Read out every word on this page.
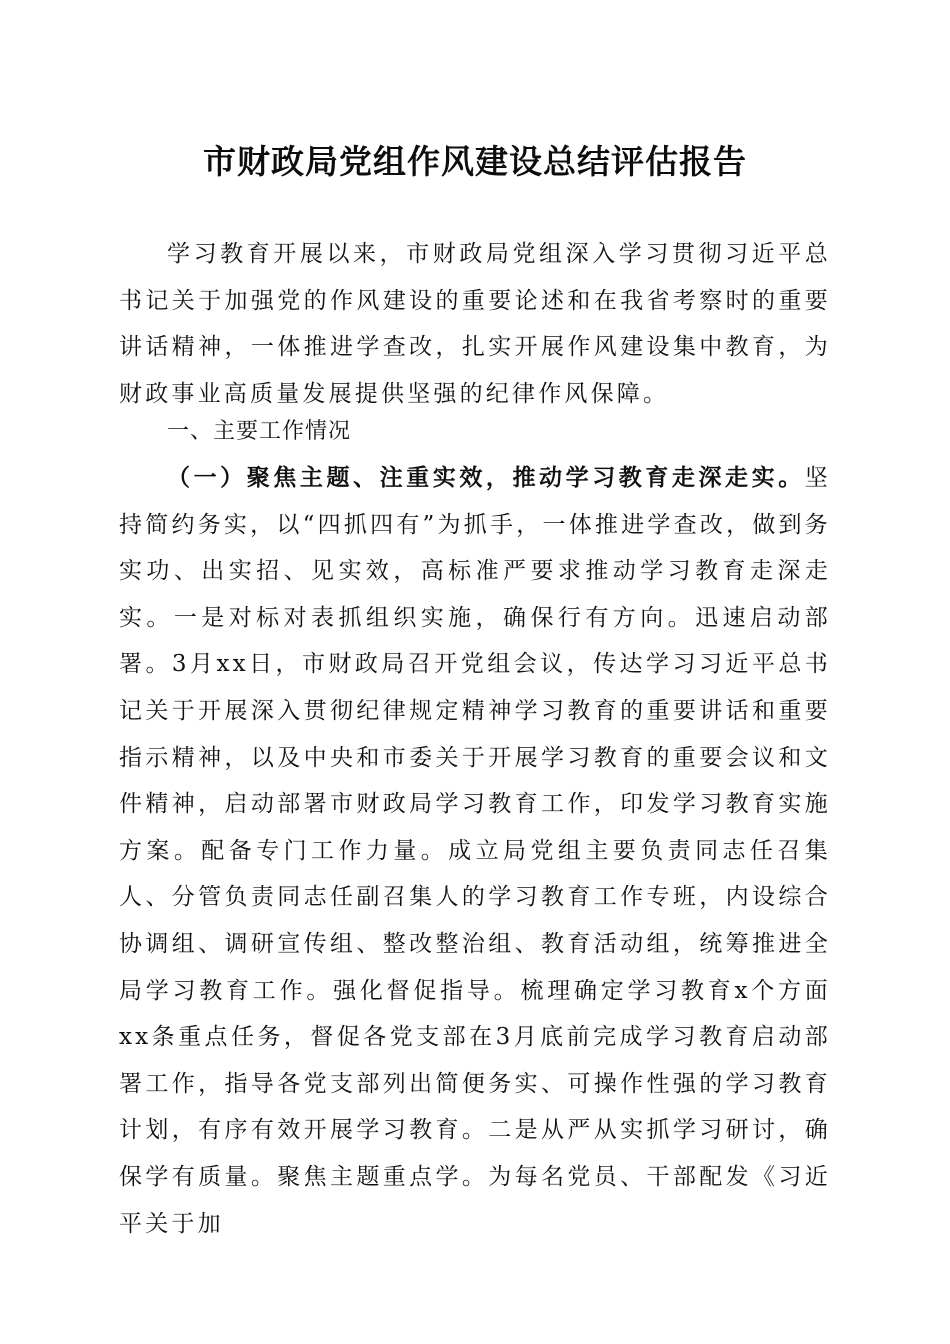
市财政局党组作风建设总结评估报告

学习教育开展以来，市财政局党组深入学习贯彻习近平总书记关于加强党的作风建设的重要论述和在我省考察时的重要讲话精神，一体推进学查改，扎实开展作风建设集中教育，为财政事业高质量发展提供坚强的纪律作风保障。

一、主要工作情况

（一）聚焦主题、注重实效，推动学习教育走深走实。坚持简约务实，以“四抓四有”为抓手，一体推进学查改，做到务实功、出实招、见实效，高标准严要求推动学习教育走深走实。一是对标对表抓组织实施，确保行有方向。迅速启动部署。3月xx日，市财政局召开党组会议，传达学习习近平总书记关于开展深入贯彻纪律规定精神学习教育的重要讲话和重要指示精神，以及中央和市委关于开展学习教育的重要会议和文件精神，启动部署市财政局学习教育工作，印发学习教育实施方案。配备专门工作力量。成立局党组主要负责同志任召集人、分管负责同志任副召集人的学习教育工作专班，内设综合协调组、调研宣传组、整改整治组、教育活动组，统筹推进全局学习教育工作。强化督促指导。梳理确定学习教育x个方面xx条重点任务，督促各党支部在3月底前完成学习教育启动部署工作，指导各党支部列出简便务实、可操作性强的学习教育计划，有序有效开展学习教育。二是从严从实抓学习研讨，确保学有质量。聚焦主题重点学。为每名党员、干部配发《习近平关于加
